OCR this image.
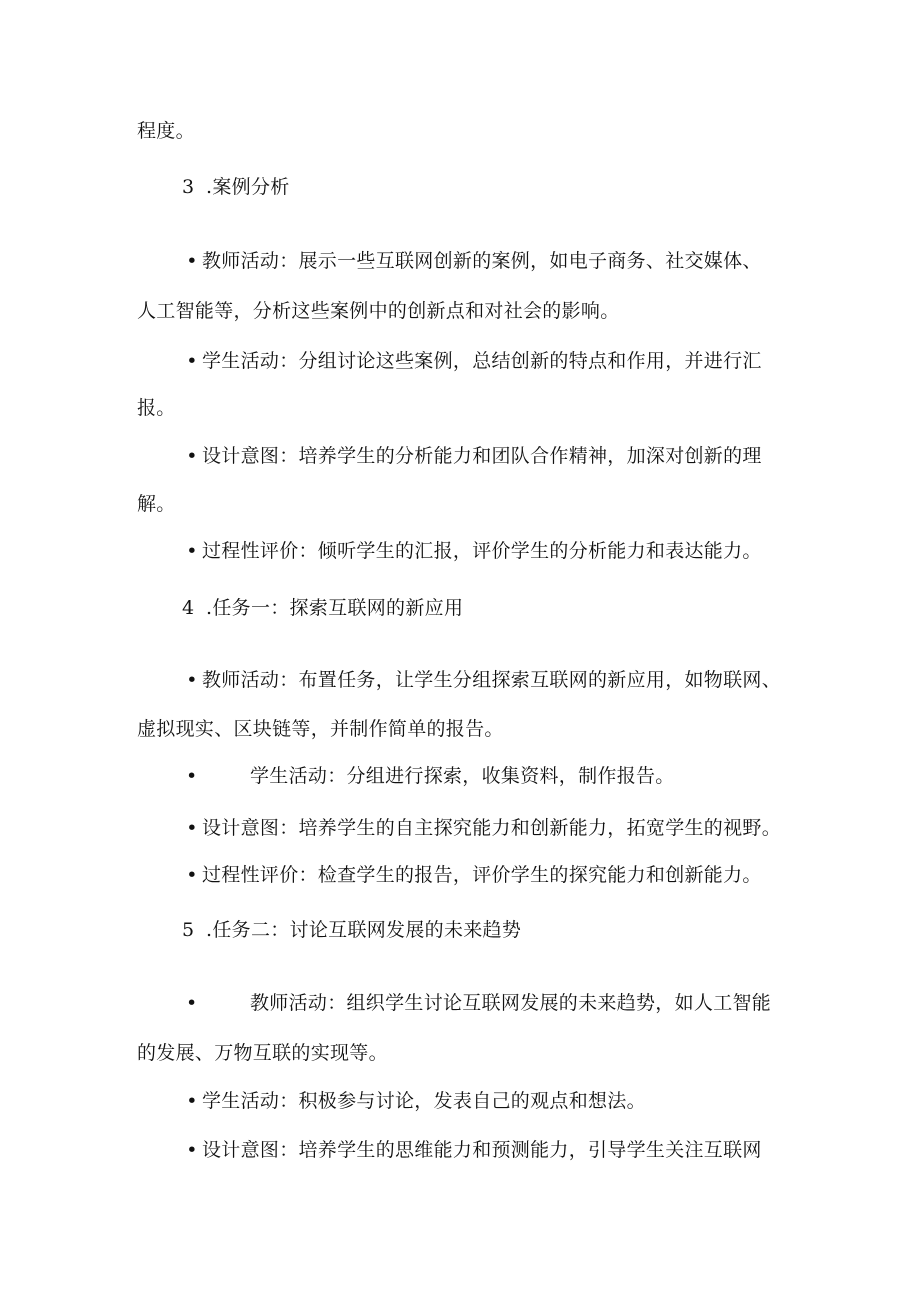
程度。
3 .案例分析
• 教师活动：展示一些互联网创新的案例，如电子商务、社交媒体、
人工智能等，分析这些案例中的创新点和对社会的影响。
• 学生活动：分组讨论这些案例，总结创新的特点和作用，并进行汇
报。
• 设计意图：培养学生的分析能力和团队合作精神，加深对创新的理
解。
• 过程性评价：倾听学生的汇报，评价学生的分析能力和表达能力。
4 .任务一：探索互联网的新应用
• 教师活动：布置任务，让学生分组探索互联网的新应用，如物联网、
虚拟现实、区块链等，并制作简单的报告。
•	学生活动：分组进行探索，收集资料，制作报告。
• 设计意图：培养学生的自主探究能力和创新能力，拓宽学生的视野。
• 过程性评价：检查学生的报告，评价学生的探究能力和创新能力。
5 .任务二：讨论互联网发展的未来趋势
•	教师活动：组织学生讨论互联网发展的未来趋势，如人工智能
的发展、万物互联的实现等。
• 学生活动：积极参与讨论，发表自己的观点和想法。
• 设计意图：培养学生的思维能力和预测能力，引导学生关注互联网
